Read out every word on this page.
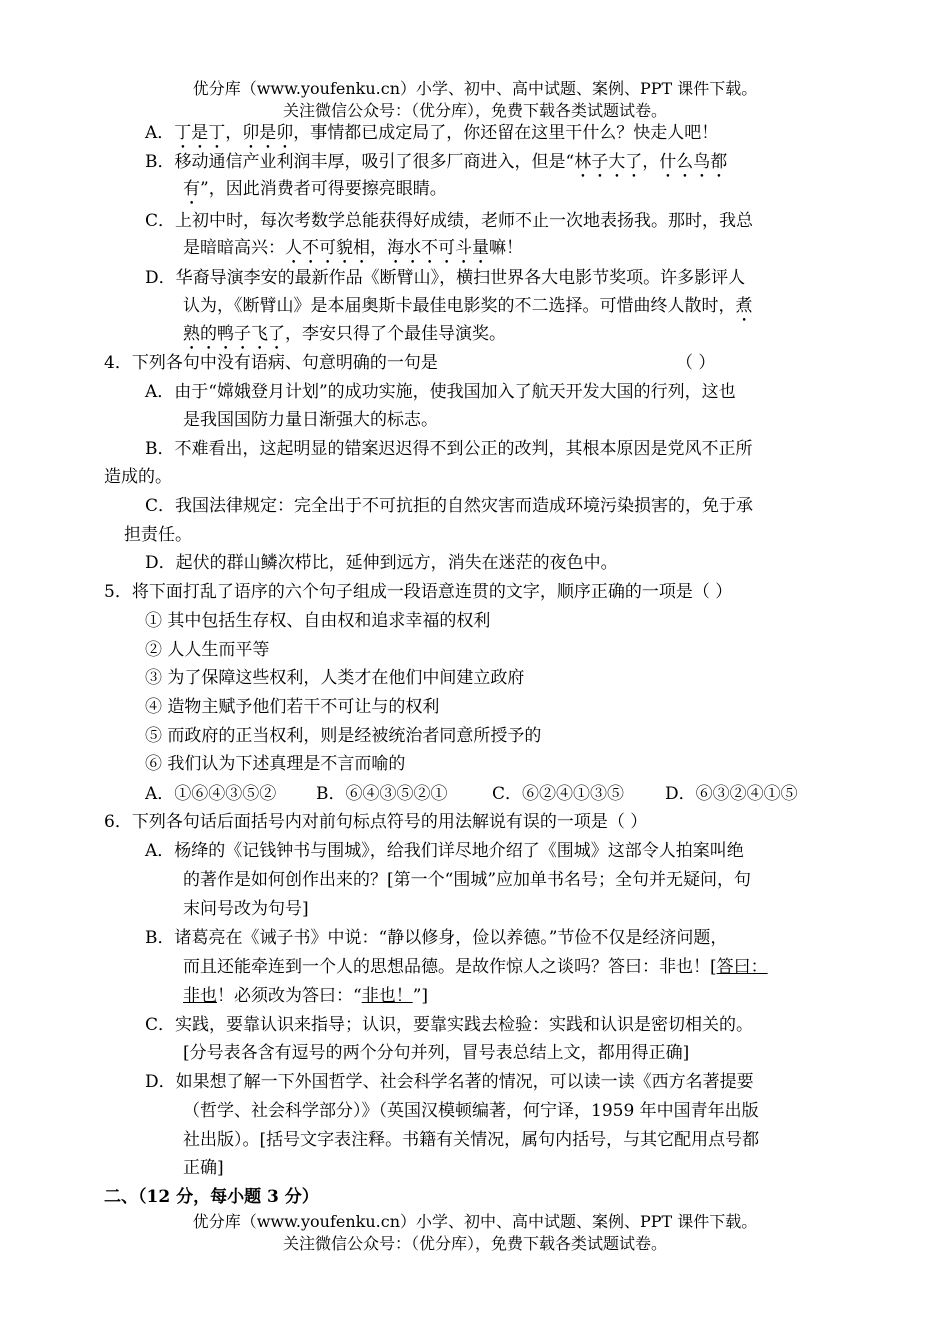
优分库（www.youfenku.cn）小学、初中、高中试题、案例、PPT 课件下载。
关注微信公众号：（优分库），免费下载各类试题试卷。
A．丁是丁，卯是卯，事情都已成定局了，你还留在这里干什么？快走人吧！
B．移动通信产业利润丰厚，吸引了很多厂商进入，但是“林子大了，什么鸟都
有”，因此消费者可得要擦亮眼睛。
C．上初中时，每次考数学总能获得好成绩，老师不止一次地表扬我。那时，我总
是暗暗高兴：人不可貌相，海水不可斗量嘛！
D．华裔导演李安的最新作品《断臂山》，横扫世界各大电影节奖项。许多影评人
认为，《断臂山》是本届奥斯卡最佳电影奖的不二选择。可惜曲终人散时，煮
熟的鸭子飞了，李安只得了个最佳导演奖。
4．下列各句中没有语病、句意明确的一句是	（ ）
A．由于“嫦娥登月计划”的成功实施，使我国加入了航天开发大国的行列，这也
是我国国防力量日渐强大的标志。
B．不难看出，这起明显的错案迟迟得不到公正的改判，其根本原因是党风不正所
造成的。
C．我国法律规定：完全出于不可抗拒的自然灾害而造成环境污染损害的，免于承
担责任。
D．起伏的群山鳞次栉比，延伸到远方，消失在迷茫的夜色中。
5．将下面打乱了语序的六个句子组成一段语意连贯的文字，顺序正确的一项是（ ）
① 其中包括生存权、自由权和追求幸福的权利
② 人人生而平等
③ 为了保障这些权利，人类才在他们中间建立政府
④ 造物主赋予他们若干不可让与的权利
⑤ 而政府的正当权利，则是经被统治者同意所授予的
⑥ 我们认为下述真理是不言而喻的
A．①⑥④③⑤② B．⑥④③⑤②①	C．⑥②④①③⑤ D．⑥③②④①⑤
6．下列各句话后面括号内对前句标点符号的用法解说有误的一项是（ ）
A．杨绛的《记钱钟书与围城》，给我们详尽地介绍了《围城》这部令人拍案叫绝
的著作是如何创作出来的？[第一个“围城”应加单书名号；全句并无疑问，句
末问号改为句号]
B．诸葛亮在《诫子书》中说：“静以修身，俭以养德。”节俭不仅是经济问题，
而且还能牵连到一个人的思想品德。是故作惊人之谈吗？答曰：非也！[答曰：
非也！必须改为答曰：“非也！”]
C．实践，要靠认识来指导；认识，要靠实践去检验：实践和认识是密切相关的。
[分号表各含有逗号的两个分句并列，冒号表总结上文，都用得正确]
D．如果想了解一下外国哲学、社会科学名著的情况，可以读一读《西方名著提要
（哲学、社会科学部分）》（英国汉模顿编著，何宁译，1959 年中国青年出版
社出版）。[括号文字表注释。书籍有关情况，属句内括号，与其它配用点号都
正确]
二、（12 分，每小题 3 分）
优分库（www.youfenku.cn）小学、初中、高中试题、案例、PPT 课件下载。
关注微信公众号：（优分库），免费下载各类试题试卷。
